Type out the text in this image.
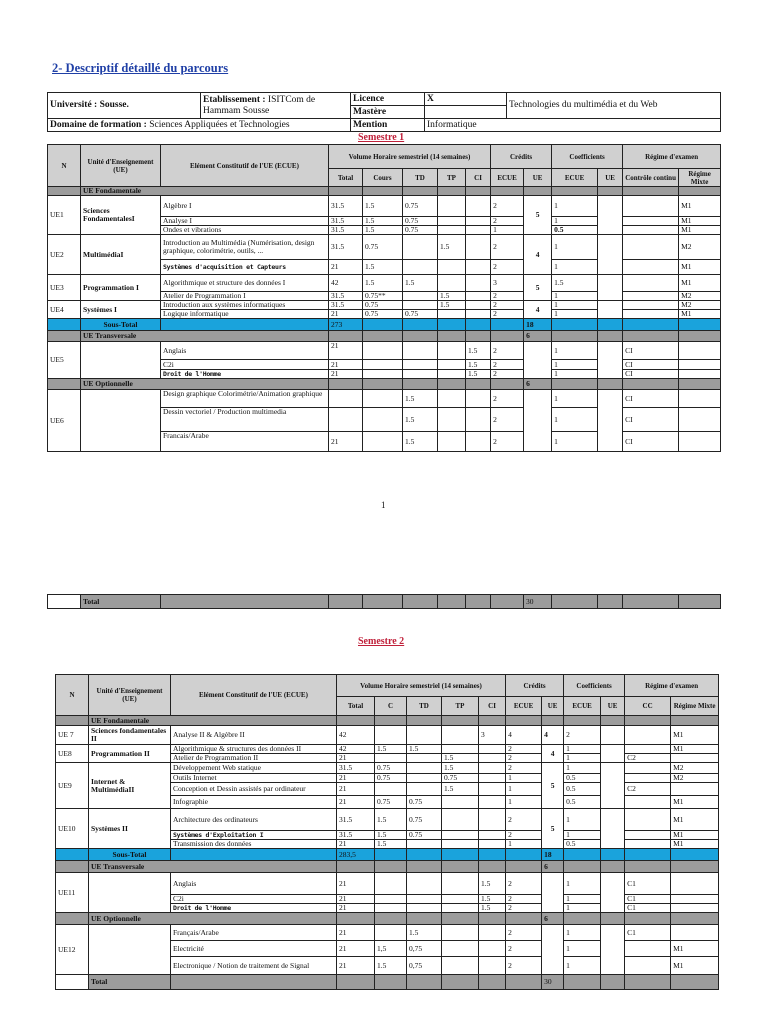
2- Descriptif détaillé du parcours
Université : Sousse.	Etablissement : ISITCom de Hammam Sousse	Licence	X	Technologies du multimédia et du Web
		Mastère		
Domaine de formation : Sciences Appliquées et Technologies		Mention	Informatique	
Semestre 1
N	Unité d'Enseignement (UE)	Elément Constitutif de l'UE (ECUE)	Volume Horaire semestriel (14 semaines)					Crédits		Coefficients		Régime d'examen	
			Total	Cours	TD	TP	CI	ECUE	UE	ECUE	UE	Contrôle continu	Régime Mixte
	UE Fondamentale												
UE1	Sciences FondamentalesI	Algèbre I	31.5	1.5	0.75			2	5	1			M1
		Analyse I	31.5	1.5	0.75			2		1			M1
		Ondes et vibrations	31.5	1.5	0.75			1		0.5			M1
UE2	MultimédiaI	Introduction au Multimédia (Numérisation, design graphique, colorimétrie, outils, ...	31.5	0.75		1.5		2	4	1			M2
		Systèmes d'acquisition et Capteurs	21	1.5				2		1			M1
UE3	Programmation I	Algorithmique et structure des données I	42	1.5	1.5			3	5	1.5			M1
		Atelier de Programmation I	31.5	0.75**		1.5		2		1			M2
UE4	Systèmes I	Introduction aux systèmes informatiques	31.5	0.75		1.5		2	4	1			M2
		Logique informatique	21	0.75	0.75			2		1			M1
	Sous-Total		273						18				
	UE Transversale								6				
UE5		Anglais	21				1.5	2		1		CI	
		C2i	21				1.5	2		1		CI	
		Droit de l'Homme	21				1.5	2		1		CI	
	UE Optionnelle								6				
UE6		Design graphique Colorimétrie/Animation graphique			1.5			2		1		CI	
		Dessin vectoriel / Production multimedia			1.5			2		1		CI	
		Francais/Arabe	21		1.5			2		1		CI	
1
	Total								30				
Semestre 2
N	Unité d'Enseignement (UE)	Elément Constitutif de l'UE (ECUE)	Volume Horaire semestriel (14 semaines)					Crédits		Coefficients		Régime d'examen	
			Total	C	TD	TP	CI	ECUE	UE	ECUE	UE	CC	Régime Mixte
	UE Fondamentale												
UE 7	Sciences fondamentales II	Analyse II & Algèbre II	42				3	4	4	2			M1
UE8	Programmation II	Algorithmique & structures des données II	42	1.5	1.5			2	4	1			M1
		Atelier de Programmation II	21			1.5		2		1		C2	
UE9	Internet & MultimédiaII	Développement Web statique	31.5	0.75		1.5		2	5	1			M2
		Outils Internet	21	0.75		0.75		1		0.5			M2
		Conception et Dessin assistés par ordinateur	21			1.5		1		0.5		C2	
		Infographie	21	0.75	0.75			1		0.5			M1
UE10	Systèmes II	Architecture des ordinateurs	31.5	1.5	0.75			2	5	1			M1
		Systèmes d'Exploitation I	31.5	1.5	0.75			2		1			M1
		Transmission des données	21	1.5				1		0.5			M1
	Sous-Total		283,5						18				
	UE Transversale								6				
UE11		Anglais	21				1.5	2		1		C1	
		C2i	21				1.5	2		1		C1	
		Droit de l'Homme	21				1.5	2		1		C1	
	UE Optionnelle								6				
UE12		Français/Arabe	21		1.5			2		1		C1	
		Electricité	21	1,5	0,75			2		1			M1
		Electronique / Notion de traitement de Signal	21	1.5	0,75			2		1			M1
	Total								30				
